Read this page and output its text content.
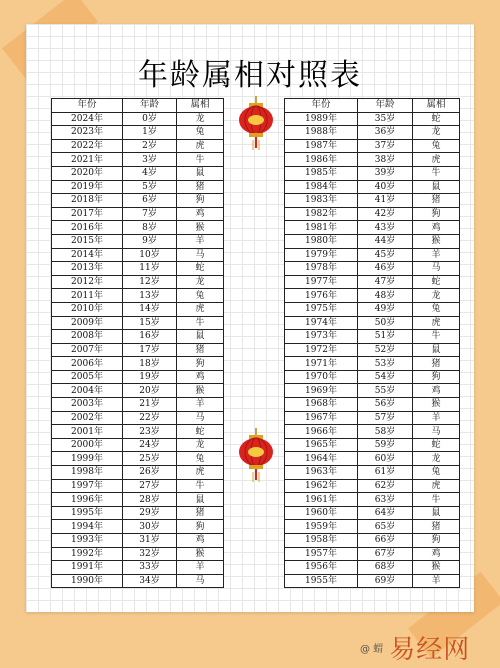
年龄属相对照表
年份	年龄	属相
2024年	0岁	龙
2023年	1岁	兔
2022年	2岁	虎
2021年	3岁	牛
2020年	4岁	鼠
2019年	5岁	猪
2018年	6岁	狗
2017年	7岁	鸡
2016年	8岁	猴
2015年	9岁	羊
2014年	10岁	马
2013年	11岁	蛇
2012年	12岁	龙
2011年	13岁	兔
2010年	14岁	虎
2009年	15岁	牛
2008年	16岁	鼠
2007年	17岁	猪
2006年	18岁	狗
2005年	19岁	鸡
2004年	20岁	猴
2003年	21岁	羊
2002年	22岁	马
2001年	23岁	蛇
2000年	24岁	龙
1999年	25岁	兔
1998年	26岁	虎
1997年	27岁	牛
1996年	28岁	鼠
1995年	29岁	猪
1994年	30岁	狗
1993年	31岁	鸡
1992年	32岁	猴
1991年	33岁	羊
1990年	34岁	马
年份	年龄	属相
1989年	35岁	蛇
1988年	36岁	龙
1987年	37岁	兔
1986年	38岁	虎
1985年	39岁	牛
1984年	40岁	鼠
1983年	41岁	猪
1982年	42岁	狗
1981年	43岁	鸡
1980年	44岁	猴
1979年	45岁	羊
1978年	46岁	马
1977年	47岁	蛇
1976年	48岁	龙
1975年	49岁	兔
1974年	50岁	虎
1973年	51岁	牛
1972年	52岁	鼠
1971年	53岁	猪
1970年	54岁	狗
1969年	55岁	鸡
1968年	56岁	猴
1967年	57岁	羊
1966年	58岁	马
1965年	59岁	蛇
1964年	60岁	龙
1963年	61岁	兔
1962年	62岁	虎
1961年	63岁	牛
1960年	64岁	鼠
1959年	65岁	猪
1958年	66岁	狗
1957年	67岁	鸡
1956年	68岁	猴
1955年	69岁	羊
@ 蝟 易经网
